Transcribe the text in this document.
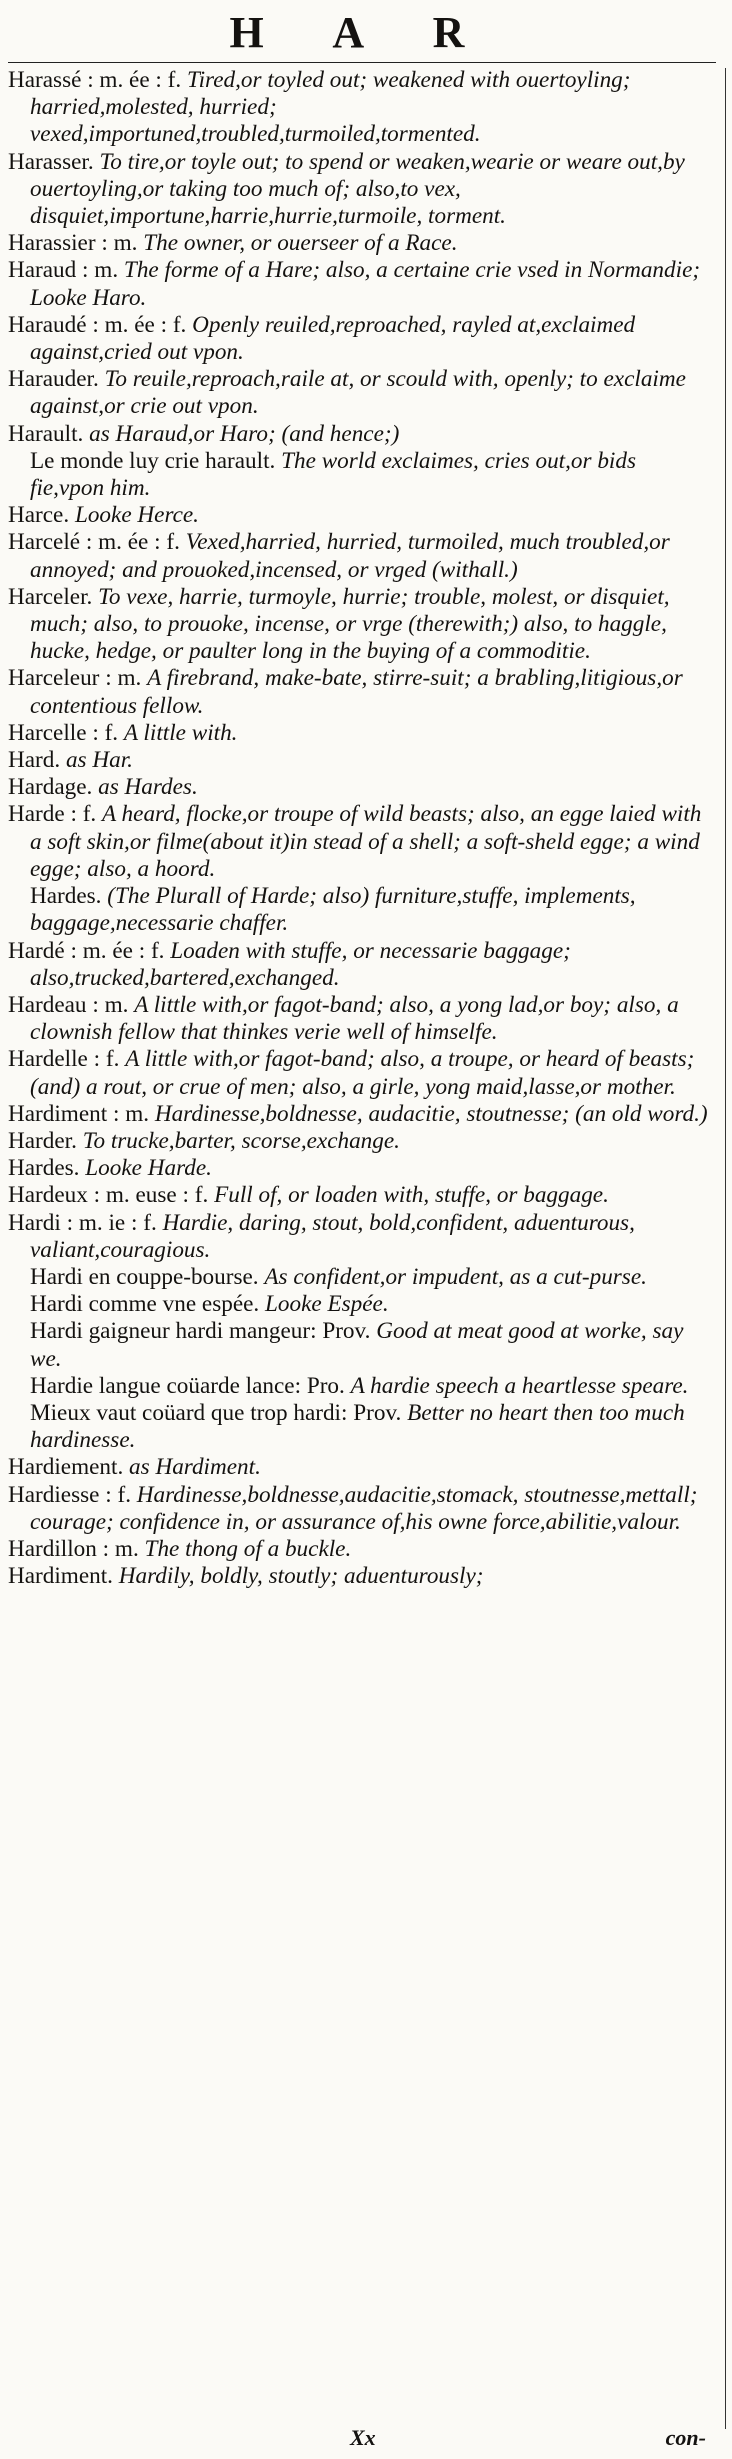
H A R

Harassé : m. ée : f. Tired,or toyled out; weakened with ouertoyling; harried,molested, hurried; vexed,importuned,troubled,turmoiled,tormented.

Harasser. To tire,or toyle out; to spend or weaken,wearie or weare out,by ouertoyling,or taking too much of; also,to vex, disquiet,importune,harrie,hurrie,turmoile, torment.

Harassier : m. The owner, or ouerseer of a Race.

Haraud : m. The forme of a Hare; also, a certaine crie vsed in Normandie; Looke Haro.

Haraudé : m. ée : f. Openly reuiled,reproached, rayled at,exclaimed against,cried out vpon.

Harauder. To reuile,reproach,raile at, or scould with, openly; to exclaime against,or crie out vpon.

Harault. as Haraud,or Haro; (and hence;)

Le monde luy crie harault. The world exclaimes, cries out,or bids fie,vpon him.

Harce. Looke Herce.

Harcelé : m. ée : f. Vexed,harried, hurried, turmoiled, much troubled,or annoyed; and prouoked,incensed, or vrged (withall.)

Harceler. To vexe, harrie, turmoyle, hurrie; trouble, molest, or disquiet, much; also, to prouoke, incense, or vrge (therewith;) also, to haggle, hucke, hedge, or paulter long in the buying of a commoditie.

Harceleur : m. A firebrand, make-bate, stirre-suit; a brabling,litigious,or contentious fellow.

Harcelle : f. A little with.

Hard. as Har.

Hardage. as Hardes.

Harde : f. A heard, flocke,or troupe of wild beasts; also, an egge laied with a soft skin,or filme(about it)in stead of a shell; a soft-sheld egge; a wind egge; also, a hoord.

Hardes. (The Plurall of Harde; also) furniture,stuffe, implements, baggage,necessarie chaffer.

Hardé : m. ée : f. Loaden with stuffe, or necessarie baggage; also,trucked,bartered,exchanged.

Hardeau : m. A little with,or fagot-band; also, a yong lad,or boy; also, a clownish fellow that thinkes verie well of himselfe.

Hardelle : f. A little with,or fagot-band; also, a troupe, or heard of beasts; (and) a rout, or crue of men; also, a girle, yong maid,lasse,or mother.

Hardiment : m. Hardinesse,boldnesse, audacitie, stoutnesse; (an old word.)

Harder. To trucke,barter, scorse,exchange.

Hardes. Looke Harde.

Hardeux : m. euse : f. Full of, or loaden with, stuffe, or baggage.

Hardi : m. ie : f. Hardie, daring, stout, bold,confident, aduenturous, valiant,couragious.

Hardi en couppe-bourse. As confident,or impudent, as a cut-purse.

Hardi comme vne espée. Looke Espée.

Hardi gaigneur hardi mangeur: Prov. Good at meat good at worke, say we.

Hardie langue coüarde lance: Pro. A hardie speech a heartlesse speare.

Mieux vaut coüard que trop hardi: Prov. Better no heart then too much hardinesse.

Hardiement. as Hardiment.

Hardiesse : f. Hardinesse,boldnesse,audacitie,stomack, stoutnesse,mettall; courage; confidence in, or assurance of,his owne force,abilitie,valour.

Hardillon : m. The thong of a buckle.

Hardiment. Hardily, boldly, stoutly; aduenturously;

Xx	con-
